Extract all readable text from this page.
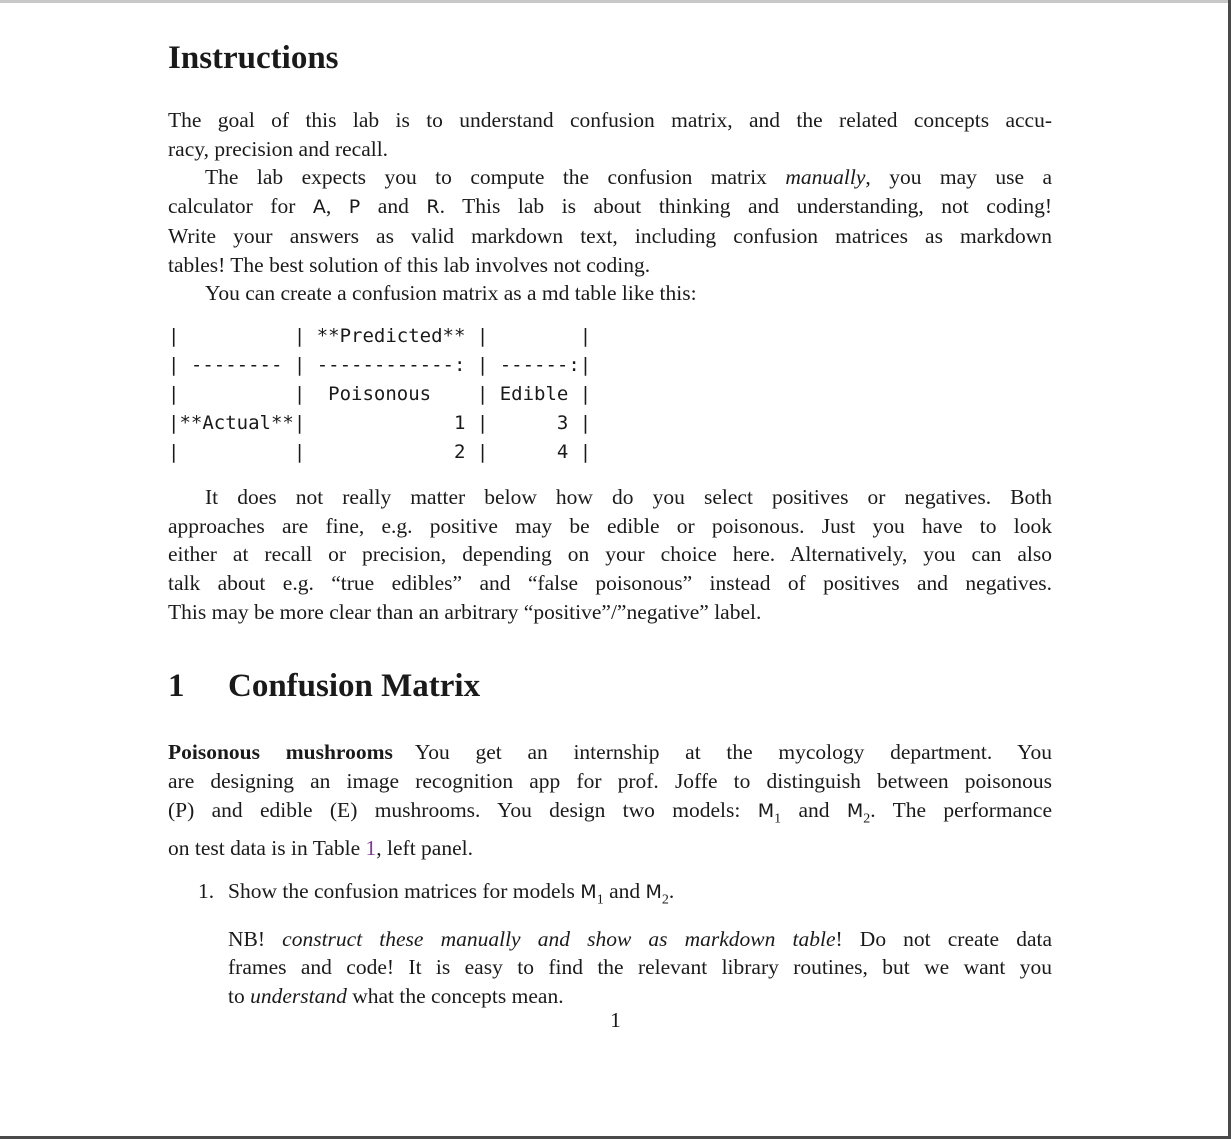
Instructions
The goal of this lab is to understand confusion matrix, and the related concepts accu-
racy, precision and recall.
The lab expects you to compute the confusion matrix manually, you may use a
calculator for A, P and R. This lab is about thinking and understanding, not coding!
Write your answers as valid markdown text, including confusion matrices as markdown
tables! The best solution of this lab involves not coding.
You can create a confusion matrix as a md table like this:
|          | **Predicted** |        |
| -------- | ------------: | ------:|
|          |  Poisonous    | Edible |
|**Actual**|             1 |      3 |
|          |             2 |      4 |
It does not really matter below how do you select positives or negatives. Both
approaches are fine, e.g. positive may be edible or poisonous. Just you have to look
either at recall or precision, depending on your choice here. Alternatively, you can also
talk about e.g. “true edibles” and “false poisonous” instead of positives and negatives.
This may be more clear than an arbitrary “positive”/”negative” label.
1 Confusion Matrix
Poisonous mushrooms You get an internship at the mycology department. You
are designing an image recognition app for prof. Joffe to distinguish between poisonous
(P) and edible (E) mushrooms. You design two models: $M_1$ and $M_2$. The performance
on test data is in Table 1, left panel.
1. Show the confusion matrices for models $M_1$ and $M_2$.
NB! construct these manually and show as markdown table! Do not create data
frames and code! It is easy to find the relevant library routines, but we want you
to understand what the concepts mean.
1
